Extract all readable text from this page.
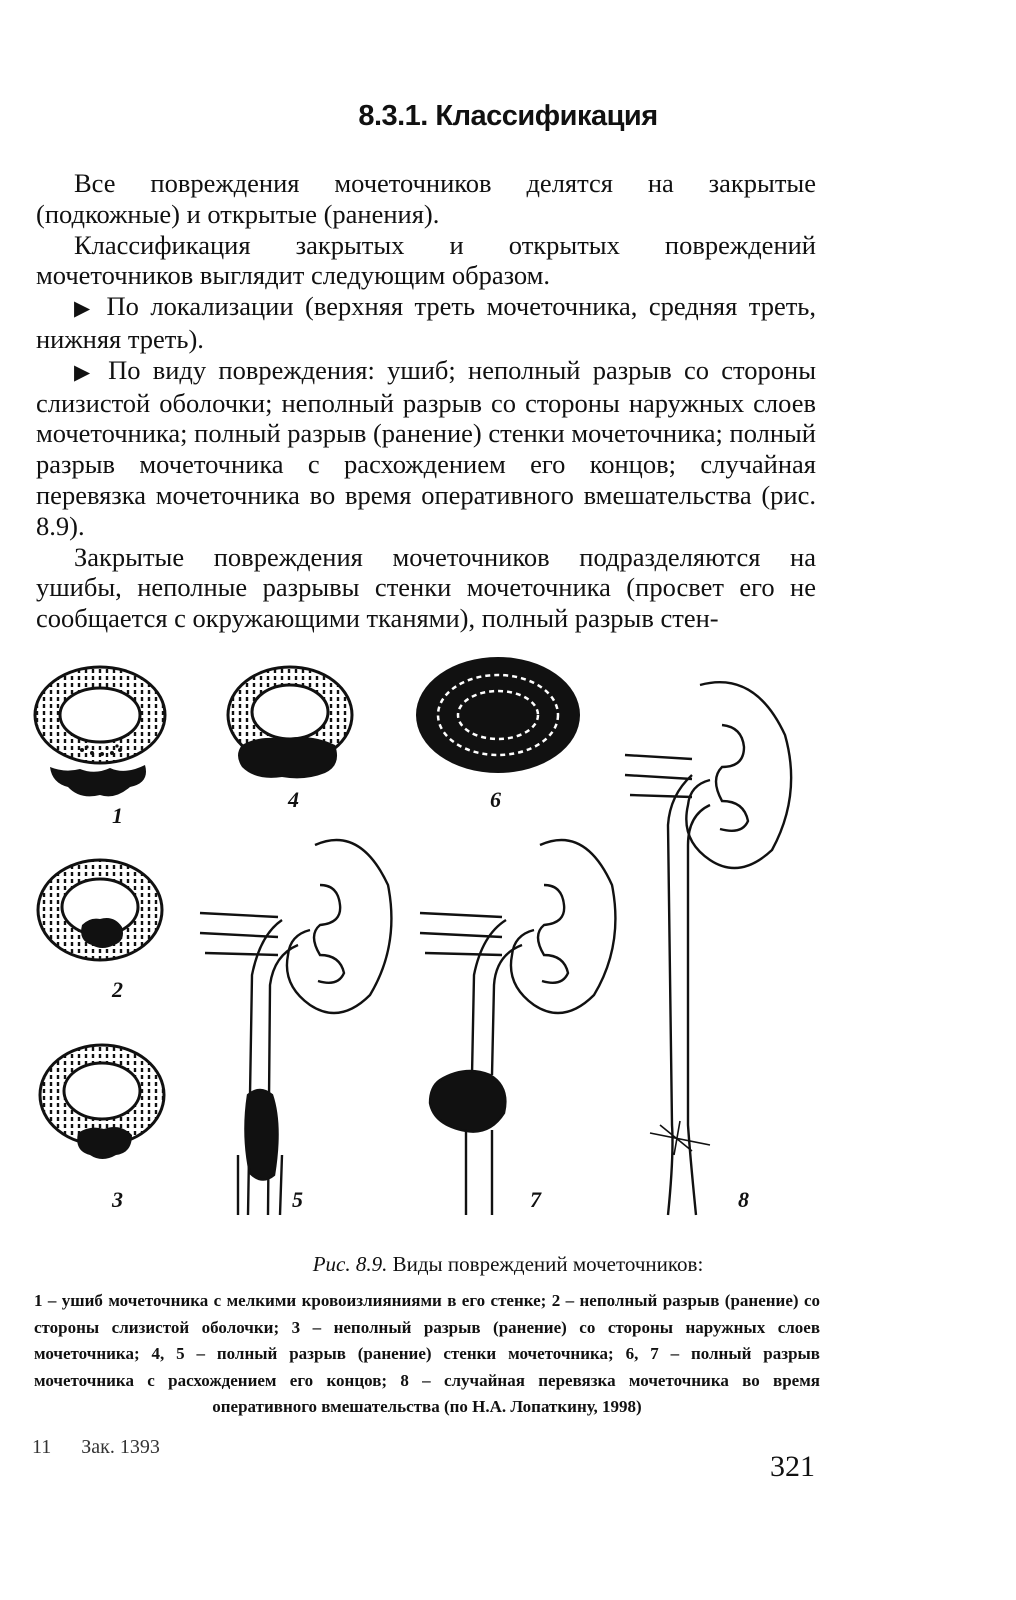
8.3.1. Классификация

Все повреждения мочеточников делятся на закрытые (подкожные) и открытые (ранения).

Классификация закрытых и открытых повреждений мочеточников выглядит следующим образом.

▶ По локализации (верхняя треть мочеточника, средняя треть, нижняя треть).

▶ По виду повреждения: ушиб; неполный разрыв со стороны слизистой оболочки; неполный разрыв со стороны наружных слоев мочеточника; полный разрыв (ранение) стенки мочеточника; полный разрыв мочеточника с расхождением его концов; случайная перевязка мочеточника во время оперативного вмешательства (рис. 8.9).

Закрытые повреждения мочеточников подразделяются на ушибы, неполные разрывы стенки мочеточника (просвет его не сообщается с окружающими тканями), полный разрыв стен-

1
2
3
4
5
6
7	8
Рис. 8.9. Виды повреждений мочеточников:
1 – ушиб мочеточника с мелкими кровоизлияниями в его стенке; 2 – неполный разрыв (ранение) со стороны слизистой оболочки; 3 – неполный разрыв (ранение) со стороны наружных слоев мочеточника; 4, 5 – полный разрыв (ранение) стенки мочеточника; 6, 7 – полный разрыв мочеточника с расхождением его концов; 8 – случайная перевязка мочеточника во время оперативного вмешательства (по Н.А. Лопаткину, 1998)
11 Зак. 1393
321
